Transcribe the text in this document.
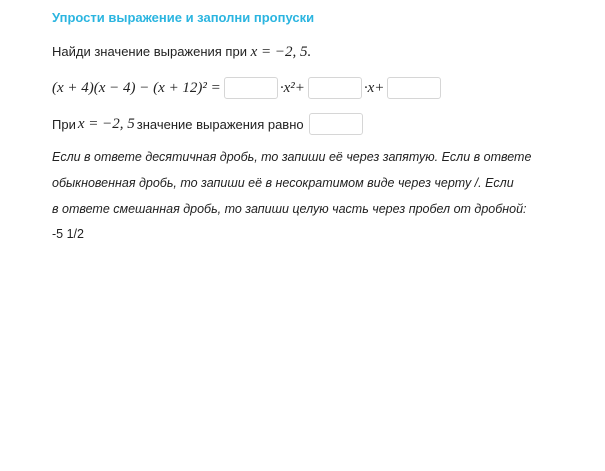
Упрости выражение и заполни пропуски
Найди значение выражения при x = −2, 5.
(x + 4)(x − 4) − (x + 12)² =	·x²+	·x+
При x = −2, 5 значение выражения равно
Если в ответе десятичная дробь, то запиши её через запятую. Если в ответе
обыкновенная дробь, то запиши её в несократимом виде через черту /. Если
в ответе смешанная дробь, то запиши целую часть через пробел от дробной:
-5 1/2
